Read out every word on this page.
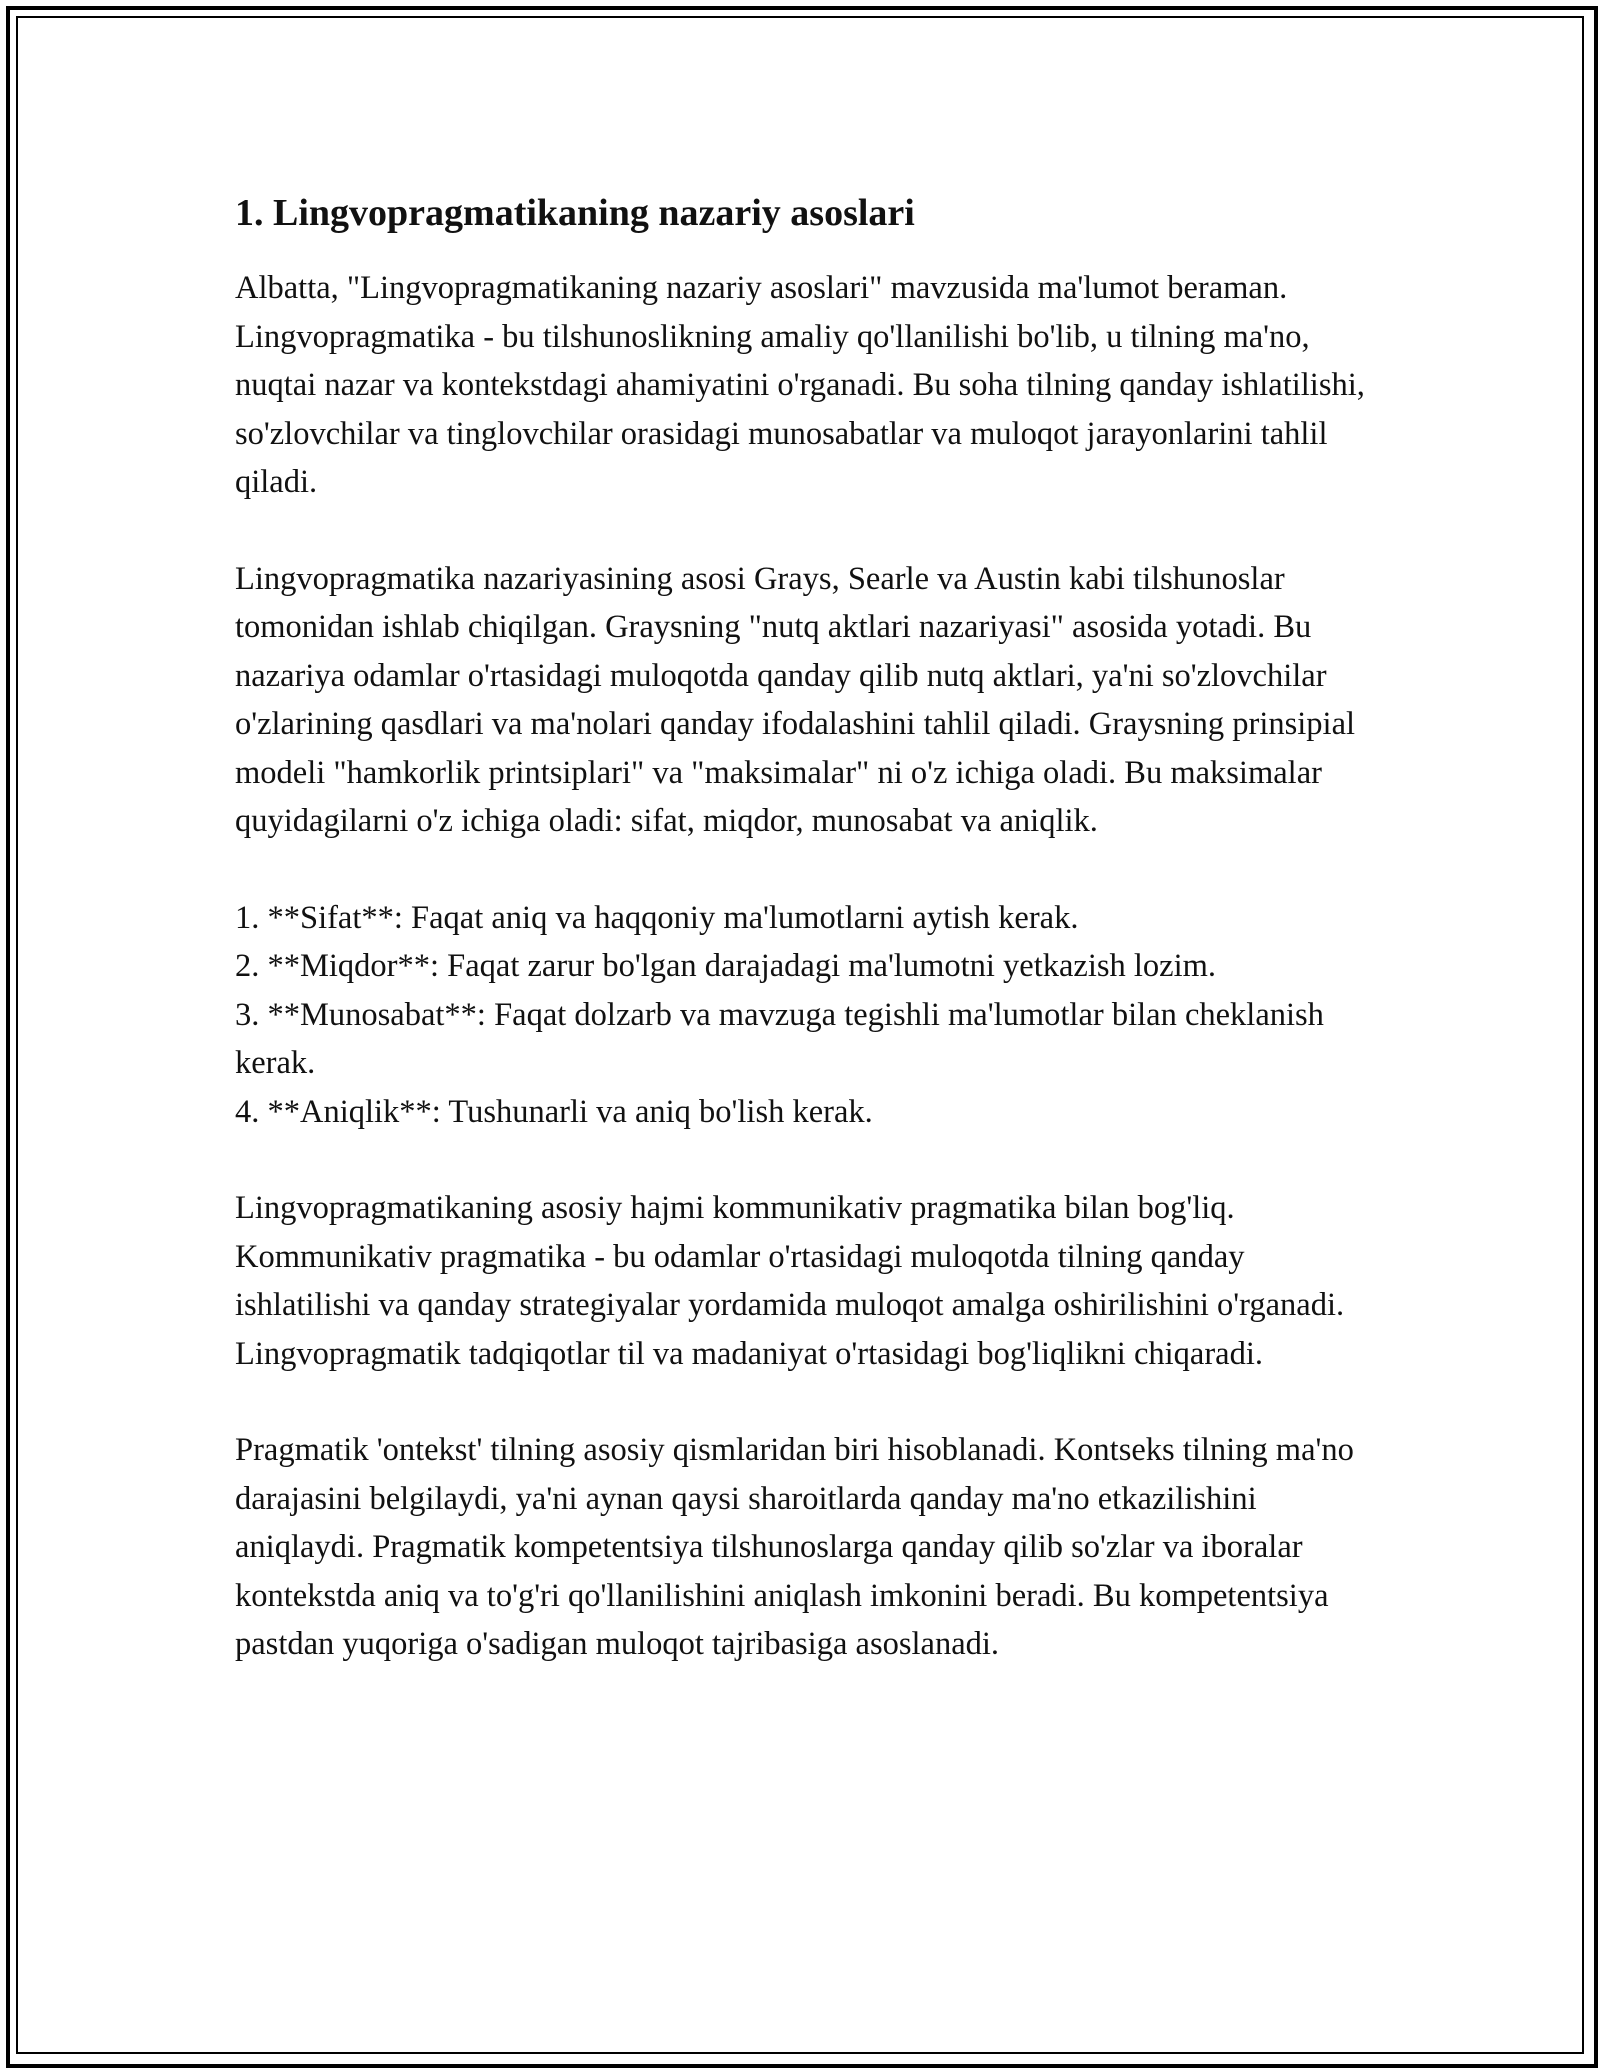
1. Lingvopragmatikaning nazariy asoslari

Albatta, "Lingvopragmatikaning nazariy asoslari" mavzusida ma'lumot beraman. Lingvopragmatika - bu tilshunoslikning amaliy qo'llanilishi bo'lib, u tilning ma'no, nuqtai nazar va kontekstdagi ahamiyatini o'rganadi. Bu soha tilning qanday ishlatilishi, so'zlovchilar va tinglovchilar orasidagi munosabatlar va muloqot jarayonlarini tahlil qiladi.

Lingvopragmatika nazariyasining asosi Grays, Searle va Austin kabi tilshunoslar tomonidan ishlab chiqilgan. Graysning "nutq aktlari nazariyasi" asosida yotadi. Bu nazariya odamlar o'rtasidagi muloqotda qanday qilib nutq aktlari, ya'ni so'zlovchilar o'zlarining qasdlari va ma'nolari qanday ifodalashini tahlil qiladi. Graysning prinsipial modeli "hamkorlik printsiplari" va "maksimalar" ni o'z ichiga oladi. Bu maksimalar quyidagilarni o'z ichiga oladi: sifat, miqdor, munosabat va aniqlik.

1. **Sifat**: Faqat aniq va haqqoniy ma'lumotlarni aytish kerak.
2. **Miqdor**: Faqat zarur bo'lgan darajadagi ma'lumotni yetkazish lozim.
3. **Munosabat**: Faqat dolzarb va mavzuga tegishli ma'lumotlar bilan cheklanish kerak.
4. **Aniqlik**: Tushunarli va aniq bo'lish kerak.

Lingvopragmatikaning asosiy hajmi kommunikativ pragmatika bilan bog'liq. Kommunikativ pragmatika - bu odamlar o'rtasidagi muloqotda tilning qanday ishlatilishi va qanday strategiyalar yordamida muloqot amalga oshirilishini o'rganadi. Lingvopragmatik tadqiqotlar til va madaniyat o'rtasidagi bog'liqlikni chiqaradi.

Pragmatik 'ontekst' tilning asosiy qismlaridan biri hisoblanadi. Kontseks tilning ma'no darajasini belgilaydi, ya'ni aynan qaysi sharoitlarda qanday ma'no etkazilishini aniqlaydi. Pragmatik kompetentsiya tilshunoslarga qanday qilib so'zlar va iboralar kontekstda aniq va to'g'ri qo'llanilishini aniqlash imkonini beradi. Bu kompetentsiya pastdan yuqoriga o'sadigan muloqot tajribasiga asoslanadi.
